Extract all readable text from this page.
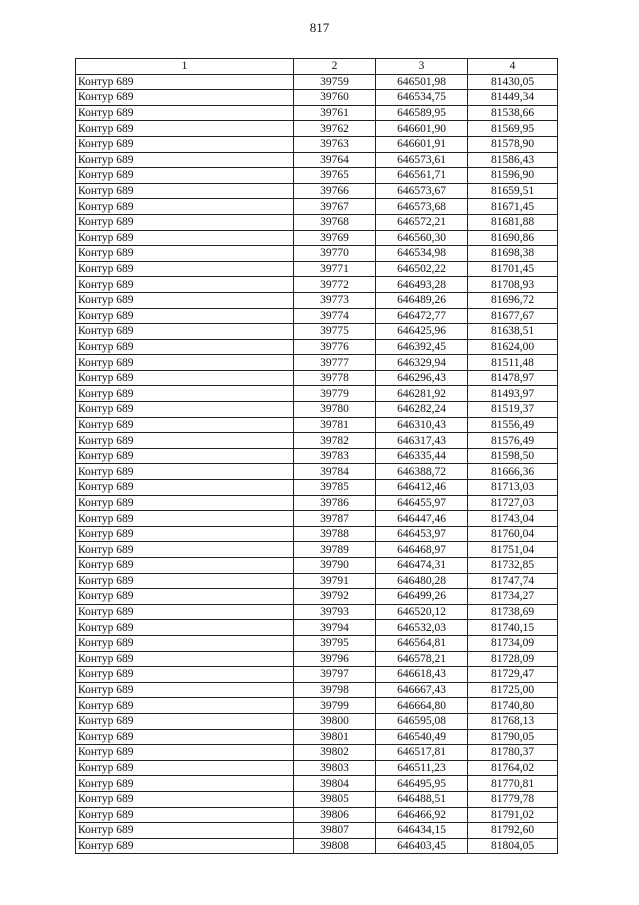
817
1	2	3	4
Контур 689	39759	646501,98	81430,05
Контур 689	39760	646534,75	81449,34
Контур 689	39761	646589,95	81538,66
Контур 689	39762	646601,90	81569,95
Контур 689	39763	646601,91	81578,90
Контур 689	39764	646573,61	81586,43
Контур 689	39765	646561,71	81596,90
Контур 689	39766	646573,67	81659,51
Контур 689	39767	646573,68	81671,45
Контур 689	39768	646572,21	81681,88
Контур 689	39769	646560,30	81690,86
Контур 689	39770	646534,98	81698,38
Контур 689	39771	646502,22	81701,45
Контур 689	39772	646493,28	81708,93
Контур 689	39773	646489,26	81696,72
Контур 689	39774	646472,77	81677,67
Контур 689	39775	646425,96	81638,51
Контур 689	39776	646392,45	81624,00
Контур 689	39777	646329,94	81511,48
Контур 689	39778	646296,43	81478,97
Контур 689	39779	646281,92	81493,97
Контур 689	39780	646282,24	81519,37
Контур 689	39781	646310,43	81556,49
Контур 689	39782	646317,43	81576,49
Контур 689	39783	646335,44	81598,50
Контур 689	39784	646388,72	81666,36
Контур 689	39785	646412,46	81713,03
Контур 689	39786	646455,97	81727,03
Контур 689	39787	646447,46	81743,04
Контур 689	39788	646453,97	81760,04
Контур 689	39789	646468,97	81751,04
Контур 689	39790	646474,31	81732,85
Контур 689	39791	646480,28	81747,74
Контур 689	39792	646499,26	81734,27
Контур 689	39793	646520,12	81738,69
Контур 689	39794	646532,03	81740,15
Контур 689	39795	646564,81	81734,09
Контур 689	39796	646578,21	81728,09
Контур 689	39797	646618,43	81729,47
Контур 689	39798	646667,43	81725,00
Контур 689	39799	646664,80	81740,80
Контур 689	39800	646595,08	81768,13
Контур 689	39801	646540,49	81790,05
Контур 689	39802	646517,81	81780,37
Контур 689	39803	646511,23	81764,02
Контур 689	39804	646495,95	81770,81
Контур 689	39805	646488,51	81779,78
Контур 689	39806	646466,92	81791,02
Контур 689	39807	646434,15	81792,60
Контур 689	39808	646403,45	81804,05
